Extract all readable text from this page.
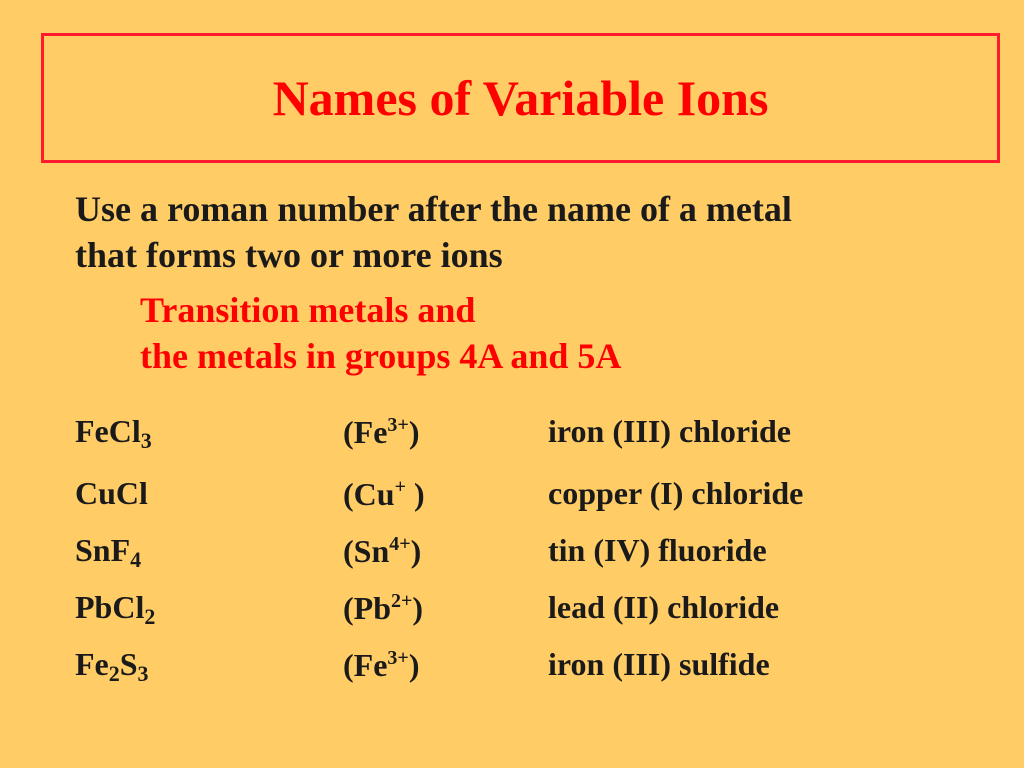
Names of Variable Ions
Use a roman number after the name of a metal
that forms two or more ions
Transition metals and
the metals in groups 4A and 5A
FeCl$_3$	$(Fe^{3+})$	iron (III) chloride
CuCl	(Cu+ )	copper (I) chloride
SnF$_4$	$(Sn^{4+})$	tin (IV) fluoride
PbCl$_2$	$(Pb^{2+})$	lead (II) chloride
$Fe_2S_3$	$(Fe^{3+})$	iron (III) sulfide
